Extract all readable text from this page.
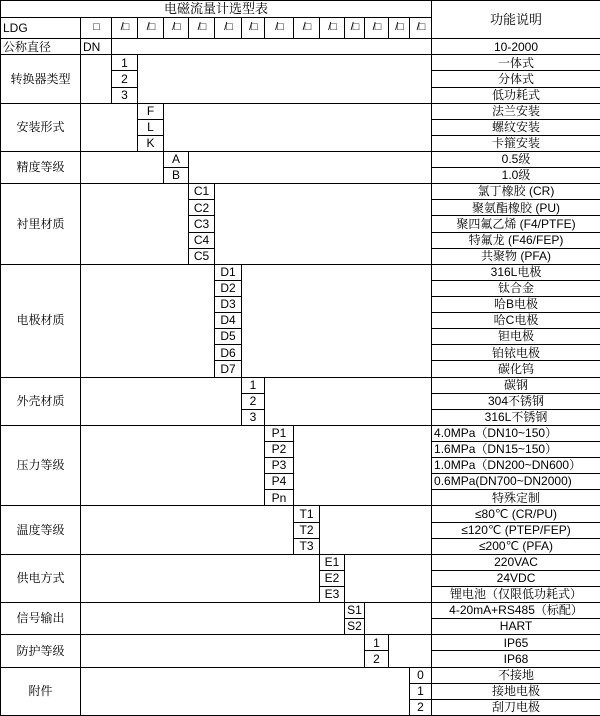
电磁流量计选型表															功能说明
LDG	□	/□	/□	/□	/□	/□	/□	/□	/□	/□	/□	/□	/□	/□	
公称直径	DN														10-2000
转换器类型		1													一体式
		2													分体式
		3													低功耗式
安装形式			F												法兰安装
			L												螺纹安装
			K												卡箍安装
精度等级				A											0.5级
				B											1.0级
衬里材质					C1										氯丁橡胶 (CR)
					C2										聚氨酯橡胶 (PU)
					C3										聚四氟乙烯 (F4/PTFE)
					C4										特氟龙 (F46/FEP)
					C5										共聚物 (PFA)
电极材质						D1									316L电极
						D2									钛合金
						D3									哈B电极
						D4									哈C电极
						D5									钽电极
						D6									铂铱电极
						D7									碳化钨
外壳材质							1								碳钢
							2								304不锈钢
							3								316L不锈钢
压力等级								P1							4.0MPa（DN10~150）
								P2							1.6MPa（DN15~150）
								P3							1.0MPa（DN200~DN600）
								P4							0.6MPa(DN700~DN2000)
								Pn							特殊定制
温度等级									T1						≤80℃ (CR/PU)
									T2						≤120℃ (PTEP/FEP)
									T3						≤200℃ (PFA)
供电方式										E1					220VAC
										E2					24VDC
										E3					锂电池（仅限低功耗式）
信号输出											S1				4-20mA+RS485（标配）
											S2				HART
防护等级												1			IP65
												2			IP68
附件														0	不接地
														1	接地电极
														2	刮刀电极
